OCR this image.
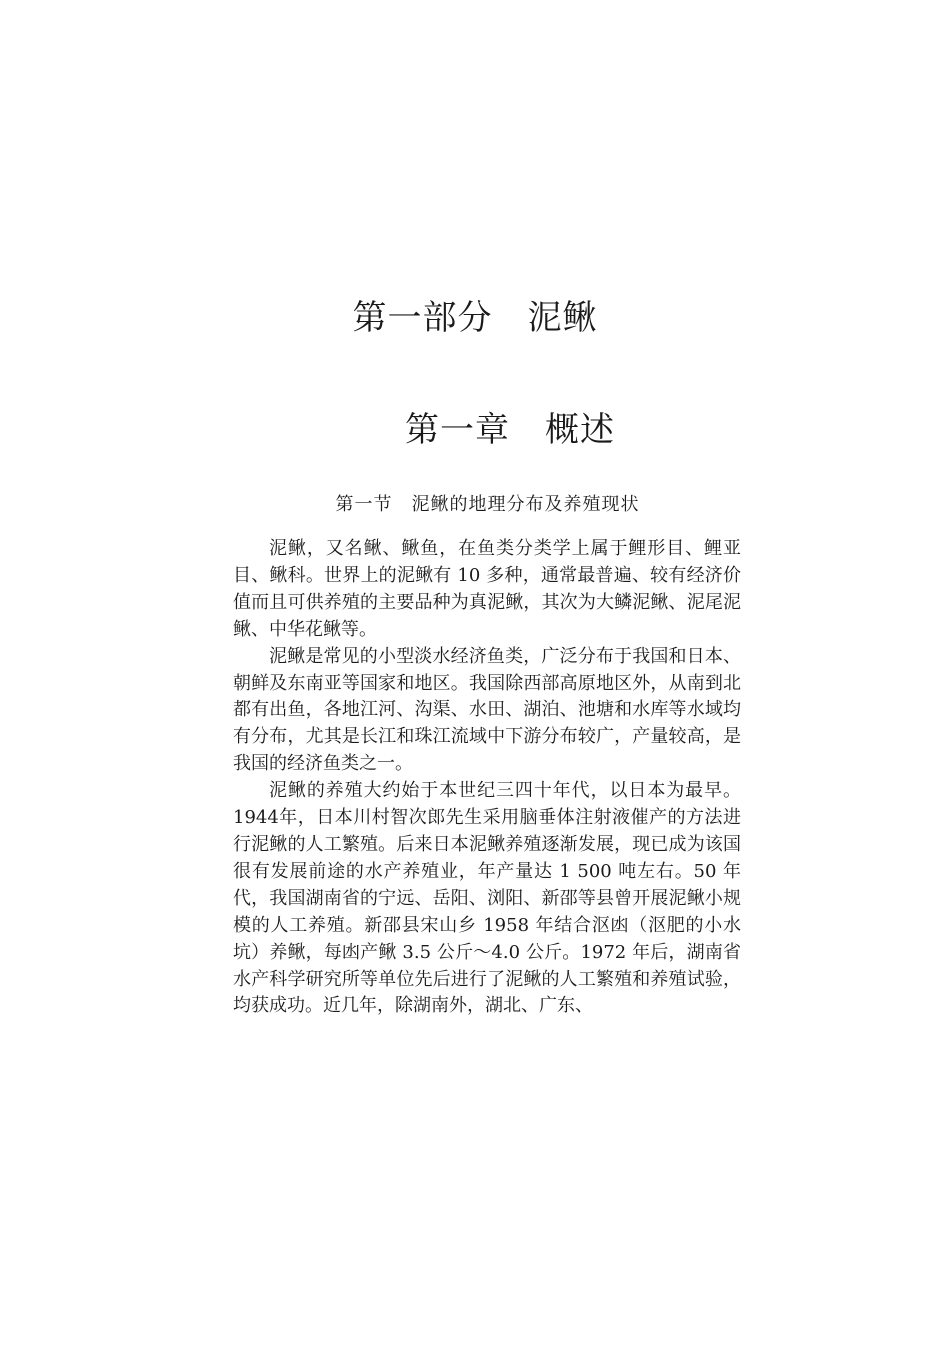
第一部分　泥鳅
第一章　概述
第一节　泥鳅的地理分布及养殖现状

泥鳅，又名鳅、鳅鱼，在鱼类分类学上属于鲤形目、鲤亚目、鳅科。世界上的泥鳅有 10 多种，通常最普遍、较有经济价值而且可供养殖的主要品种为真泥鳅，其次为大鳞泥鳅、泥尾泥鳅、中华花鳅等。

泥鳅是常见的小型淡水经济鱼类，广泛分布于我国和日本、朝鲜及东南亚等国家和地区。我国除西部高原地区外，从南到北都有出鱼，各地江河、沟渠、水田、湖泊、池塘和水库等水域均有分布，尤其是长江和珠江流域中下游分布较广，产量较高，是我国的经济鱼类之一。

泥鳅的养殖大约始于本世纪三四十年代，以日本为最早。1944年，日本川村智次郎先生采用脑垂体注射液催产的方法进行泥鳅的人工繁殖。后来日本泥鳅养殖逐渐发展，现已成为该国很有发展前途的水产养殖业，年产量达 1 500 吨左右。50 年代，我国湖南省的宁远、岳阳、浏阳、新邵等县曾开展泥鳅小规模的人工养殖。新邵县宋山乡 1958 年结合沤凼（沤肥的小水坑）养鳅，每凼产鳅 3.5 公斤～4.0 公斤。1972 年后，湖南省水产科学研究所等单位先后进行了泥鳅的人工繁殖和养殖试验，均获成功。近几年，除湖南外，湖北、广东、
